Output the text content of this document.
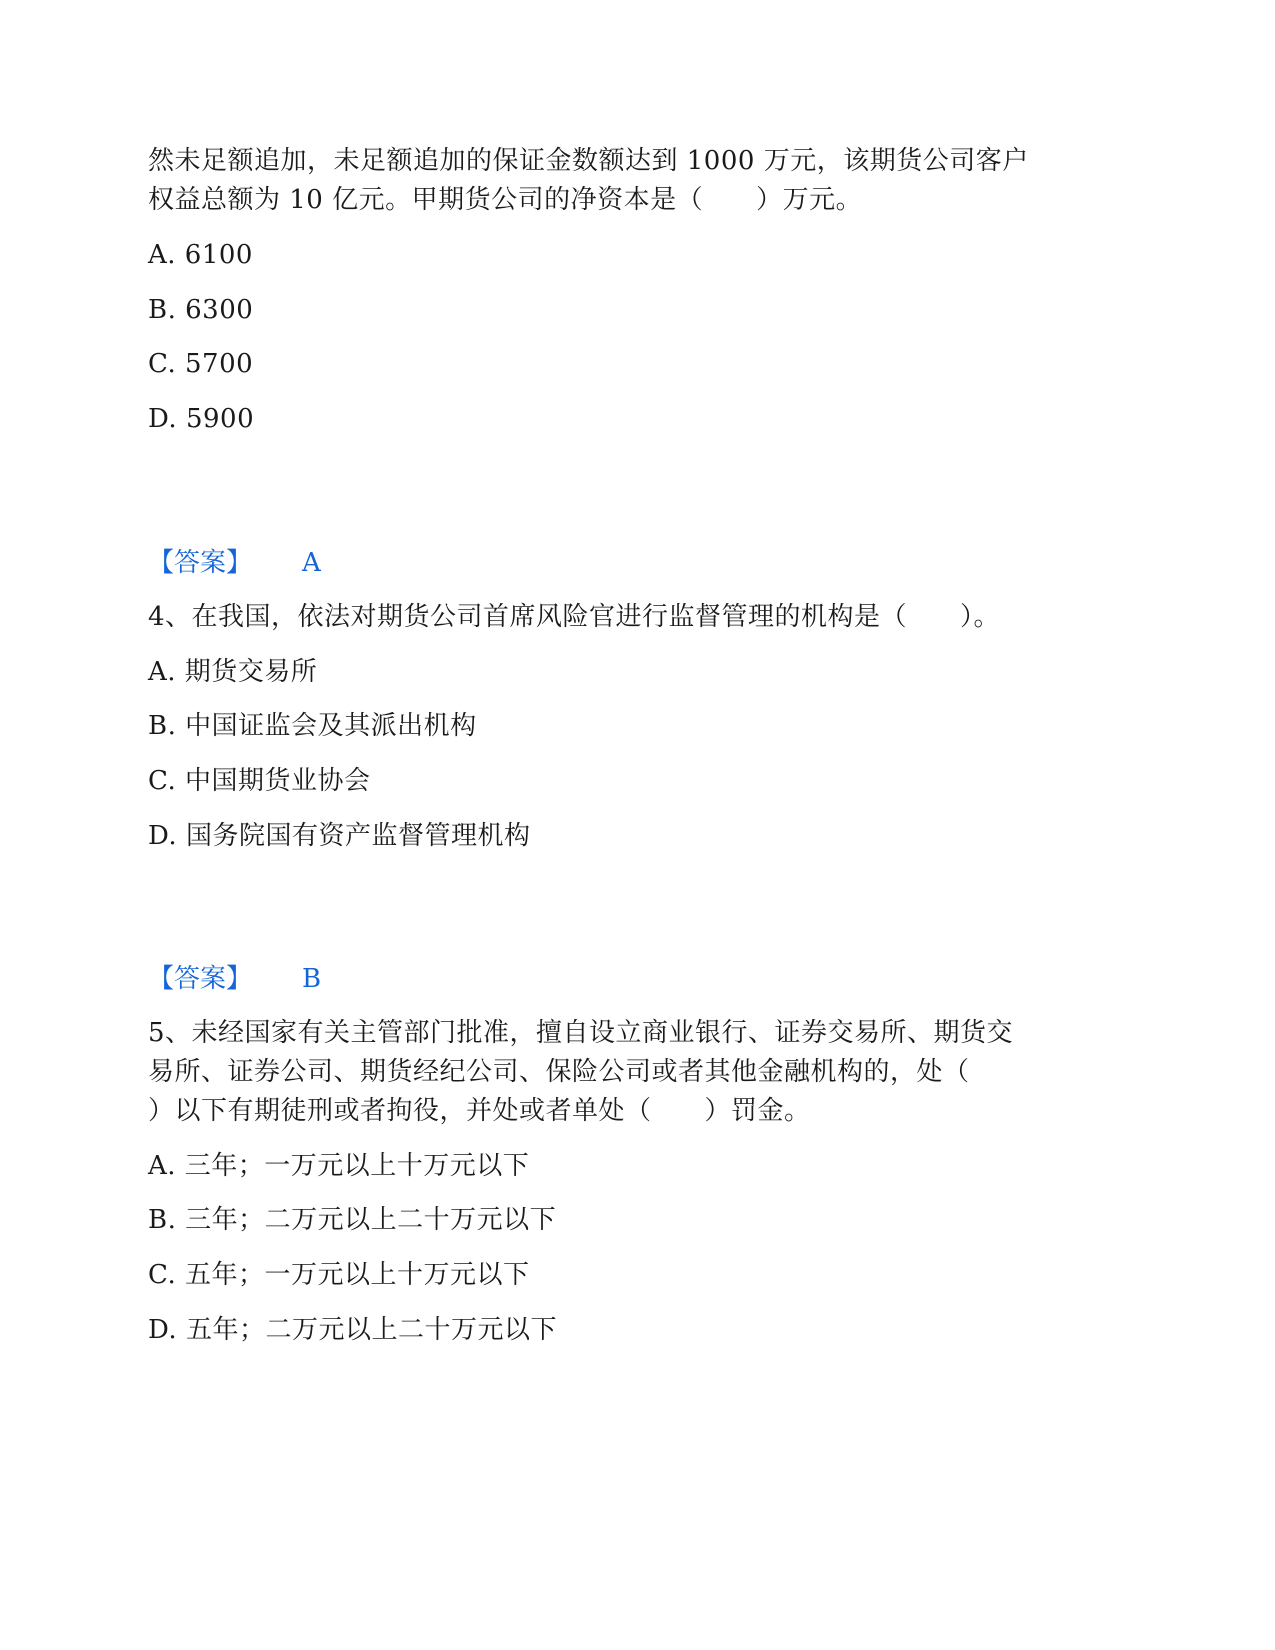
然未足额追加，未足额追加的保证金数额达到 1000 万元，该期货公司客户
权益总额为 10 亿元。甲期货公司的净资本是（　　）万元。
A. 6100
B. 6300
C. 5700
D. 5900
【答案】 A
4、在我国，依法对期货公司首席风险官进行监督管理的机构是（　　）。
A. 期货交易所
B. 中国证监会及其派出机构
C. 中国期货业协会
D. 国务院国有资产监督管理机构
【答案】 B
5、未经国家有关主管部门批准，擅自设立商业银行、证券交易所、期货交
易所、证券公司、期货经纪公司、保险公司或者其他金融机构的，处（
）以下有期徒刑或者拘役，并处或者单处（　　）罚金。
A. 三年；一万元以上十万元以下
B. 三年；二万元以上二十万元以下
C. 五年；一万元以上十万元以下
D. 五年；二万元以上二十万元以下
